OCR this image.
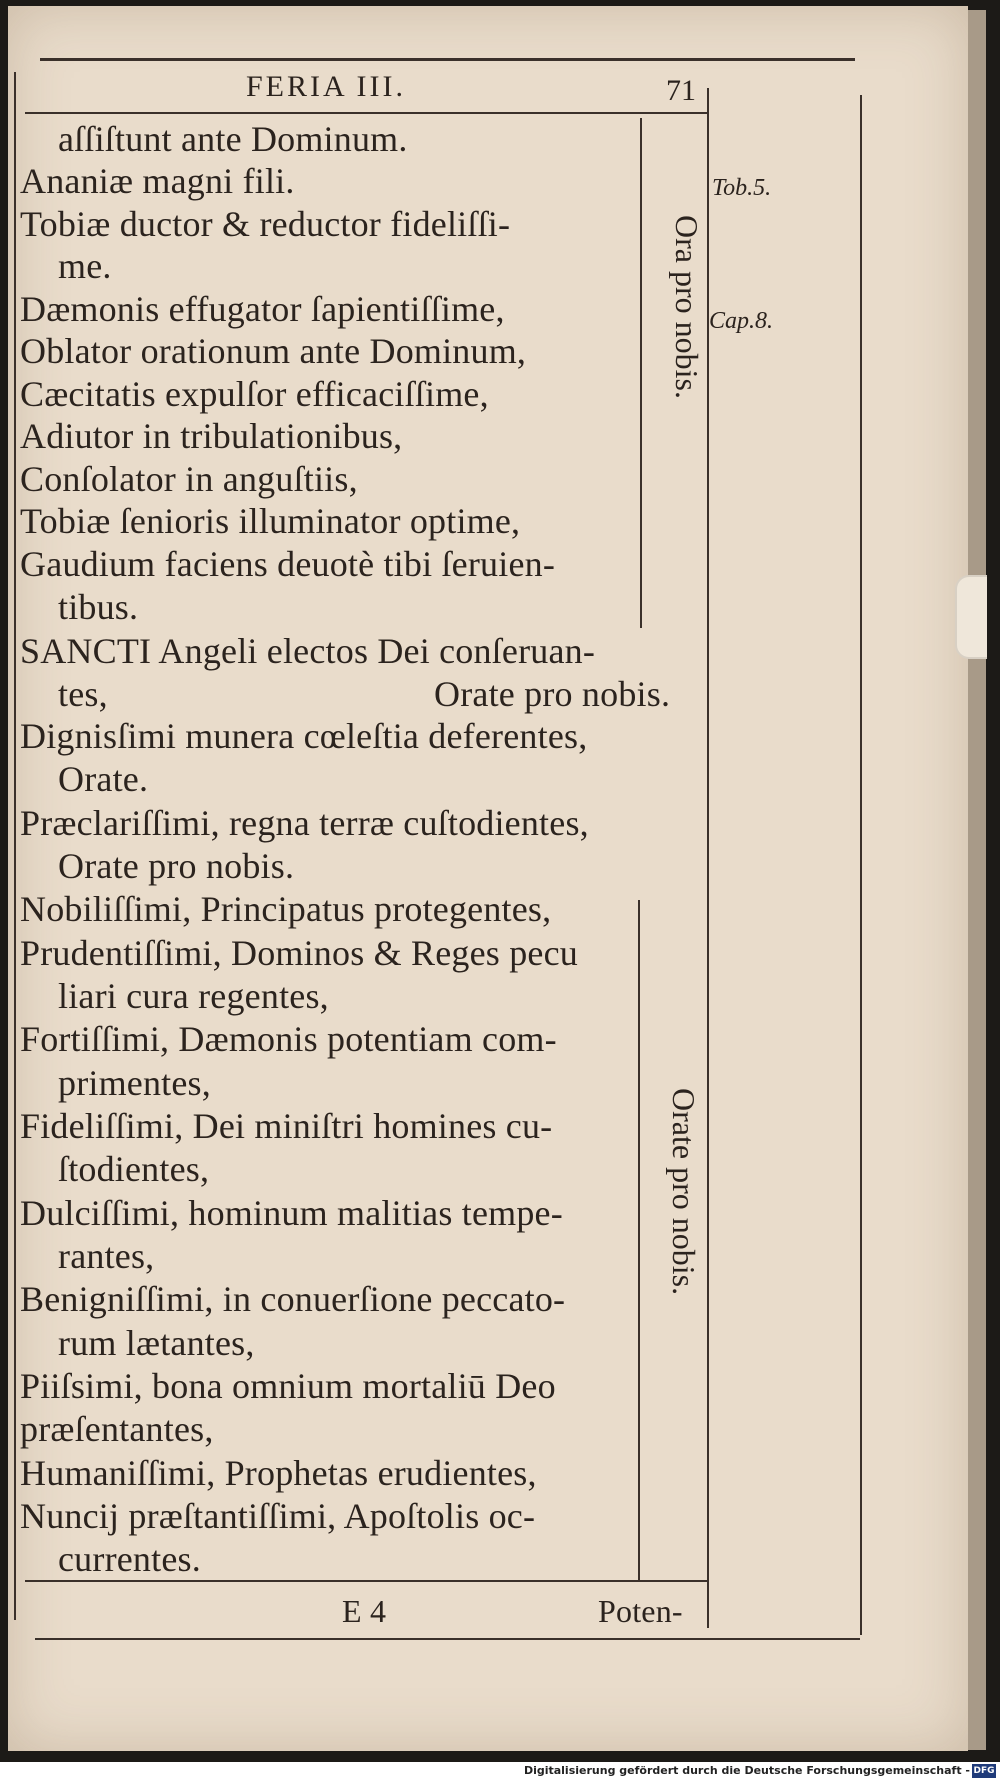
FERIA III.	71
Tob.5.
Cap.8.
Ora pro nobis.
Orate pro nobis.
aſſiſtunt ante Dominum.
Ananiæ magni fili.
Tobiæ ductor & reductor fideliſſi-
me.
Dæmonis effugator ſapientiſſime,
Oblator orationum ante Dominum,
Cæcitatis expulſor efficaciſſime,
Adiutor in tribulationibus,
Conſolator in anguſtiis,
Tobiæ ſenioris illuminator optime,
Gaudium faciens deuotè tibi ſeruien-
tibus.
SANCTI Angeli electos Dei conſeruan-
tes,	Orate pro nobis.
Dignisſimi munera cœleſtia deferentes,
Orate.
Præclariſſimi, regna terræ cuſtodientes,
Orate pro nobis.
Nobiliſſimi, Principatus protegentes,
Prudentiſſimi, Dominos & Reges pecu
liari cura regentes,
Fortiſſimi, Dæmonis potentiam com-
primentes,
Fideliſſimi, Dei miniſtri homines cu-
ſtodientes,
Dulciſſimi, hominum malitias tempe-
rantes,
Benigniſſimi, in conuerſione peccato-
rum lætantes,
Piiſsimi, bona omnium mortaliū Deo
præſentantes,
Humaniſſimi, Prophetas erudientes,
Nuncij præſtantiſſimi, Apoſtolis oc-
currentes.
E 4	Poten-
Digitalisierung gefördert durch die Deutsche Forschungsgemeinschaft - DFG
